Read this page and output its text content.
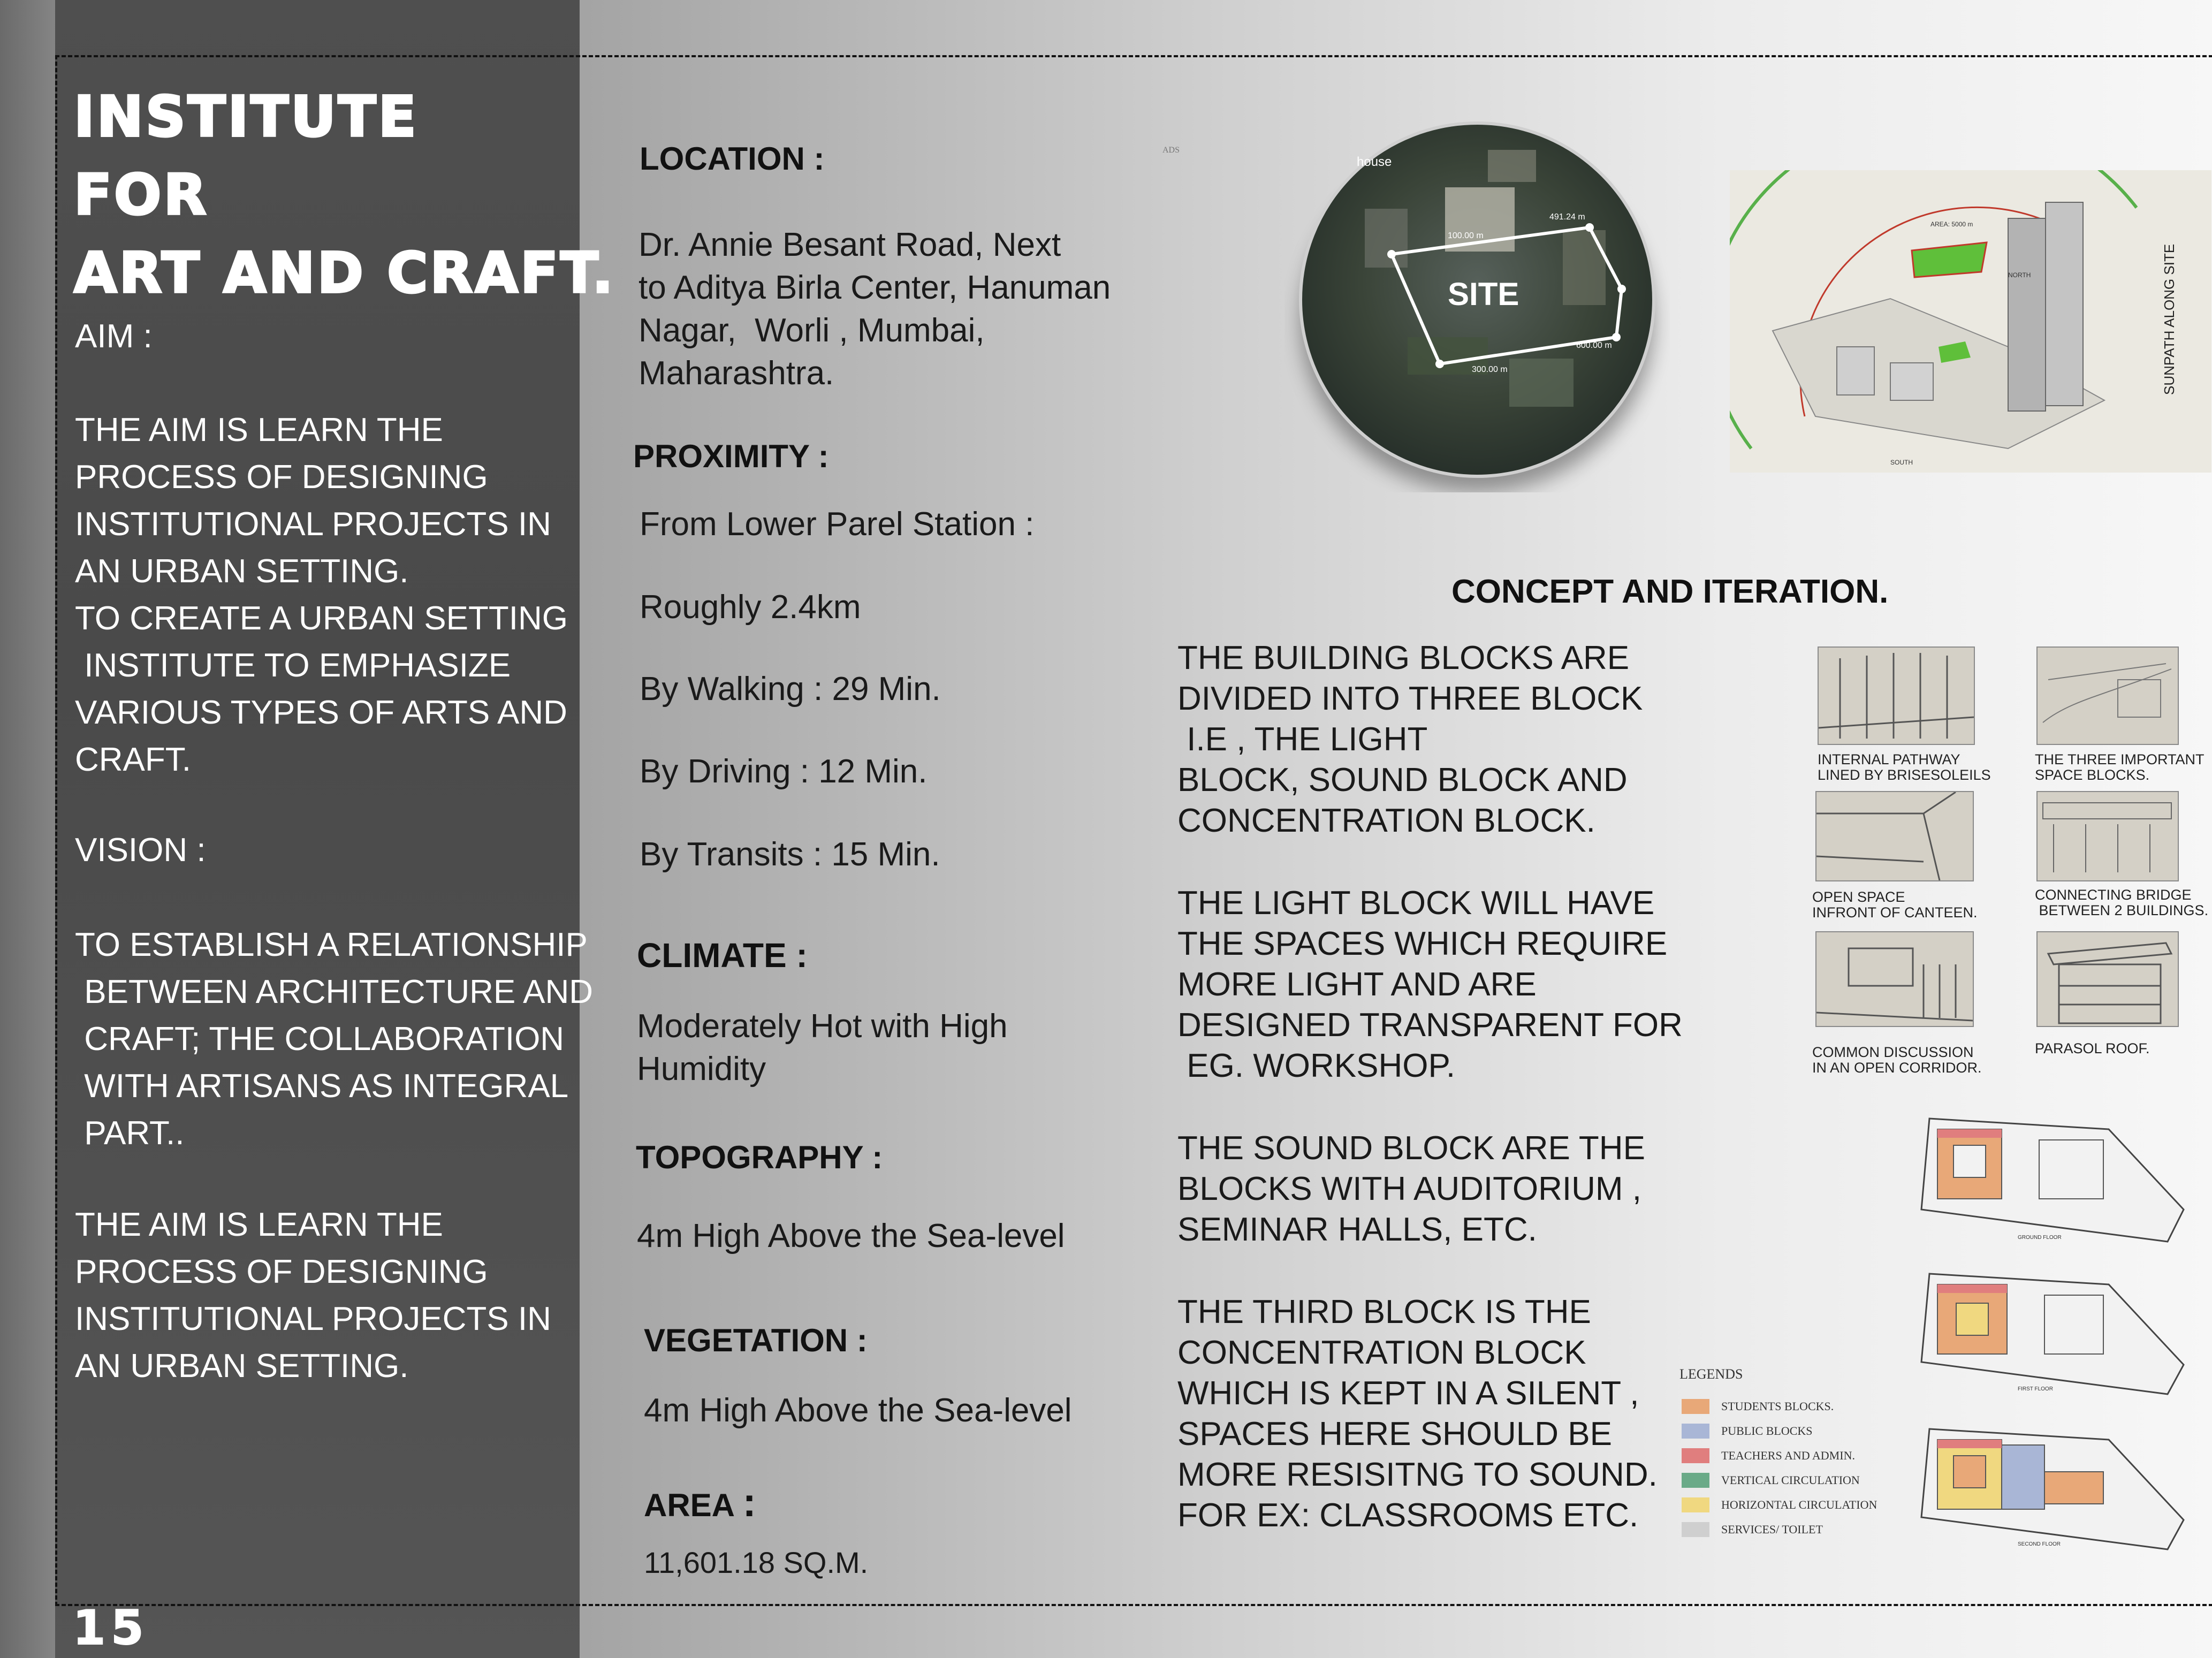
INSTITUTE
FOR
ART AND CRAFT.
AIM :
THE AIM IS LEARN THE
PROCESS OF DESIGNING
INSTITUTIONAL PROJECTS IN
AN URBAN SETTING.
TO CREATE A URBAN SETTING
INSTITUTE TO EMPHASIZE
VARIOUS TYPES OF ARTS AND
CRAFT.
VISION :
TO ESTABLISH A RELATIONSHIP
BETWEEN ARCHITECTURE AND
CRAFT; THE COLLABORATION
WITH ARTISANS AS INTEGRAL
PART..
THE AIM IS LEARN THE
PROCESS OF DESIGNING
INSTITUTIONAL PROJECTS IN
AN URBAN SETTING.
15
LOCATION :
Dr. Annie Besant Road, Next
to Aditya Birla Center, Hanuman
Nagar,  Worli , Mumbai,
Maharashtra.
ADS
PROXIMITY :
From Lower Parel Station :
Roughly 2.4km
By Walking : 29 Min.
By Driving : 12 Min.
By Transits : 15 Min.
CLIMATE :
Moderately Hot with High
Humidity
TOPOGRAPHY :
4m High Above the Sea-level
VEGETATION :
4m High Above the Sea-level
AREA :
11,601.18 SQ.M.
SITE
house
491.24 m
600.00 m
300.00 m
100.00 m
AREA: 5000 m
NORTH
SOUTH
SUNPATH ALONG SITE
CONCEPT AND ITERATION.
THE BUILDING BLOCKS ARE
DIVIDED INTO THREE BLOCK
I.E , THE LIGHT
BLOCK, SOUND BLOCK AND
CONCENTRATION BLOCK.
THE LIGHT BLOCK WILL HAVE
THE SPACES WHICH REQUIRE
MORE LIGHT AND ARE
DESIGNED TRANSPARENT FOR
EG. WORKSHOP.
THE SOUND BLOCK ARE THE
BLOCKS WITH AUDITORIUM ,
SEMINAR HALLS, ETC.
THE THIRD BLOCK IS THE
CONCENTRATION BLOCK
WHICH IS KEPT IN A SILENT ,
SPACES HERE SHOULD BE
MORE RESISITNG TO SOUND.
FOR EX: CLASSROOMS ETC.
INTERNAL PATHWAY
LINED BY BRISESOLEILS
THE THREE IMPORTANT
SPACE BLOCKS.
OPEN SPACE
INFRONT OF CANTEEN.
CONNECTING BRIDGE
BETWEEN 2 BUILDINGS.
COMMON DISCUSSION
IN AN OPEN CORRIDOR.
PARASOL ROOF.
LEGENDS
STUDENTS BLOCKS.
PUBLIC BLOCKS
TEACHERS AND ADMIN.
VERTICAL CIRCULATION
HORIZONTAL CIRCULATION
SERVICES/ TOILET
GROUND FLOOR
FIRST FLOOR
SECOND FLOOR
